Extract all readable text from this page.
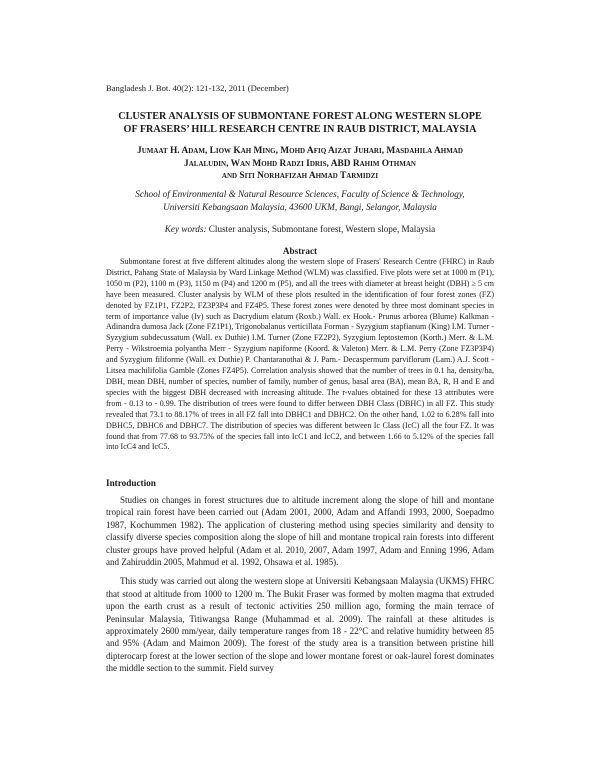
Bangladesh J. Bot. 40(2): 121-132, 2011 (December)
CLUSTER ANALYSIS OF SUBMONTANE FOREST ALONG WESTERN SLOPE
OF FRASERS’ HILL RESEARCH CENTRE IN RAUB DISTRICT, MALAYSIA
Jumaat H. Adam, Liow Kah Ming, Mohd Afiq Aizat Juhari, Masdahila Ahmad
Jalaludin, Wan Mohd Radzi Idris, ABD Rahim Othman
and Siti Norhafizah Ahmad Tarmidzi
School of Environmental & Natural Resource Sciences, Faculty of Science & Technology,
Universiti Kebangsaan Malaysia, 43600 UKM, Bangi, Selangor, Malaysia
Key words: Cluster analysis, Submontane forest, Western slope, Malaysia
Abstract

Submontane forest at five different altitudes along the western slope of Frasers' Research Centre (FHRC) in Raub District, Pahang State of Malaysia by Ward Linkage Method (WLM) was classified. Five plots were set at 1000 m (P1), 1050 m (P2), 1100 m (P3), 1150 m (P4) and 1200 m (P5), and all the trees with diameter at breast height (DBH) ≥ 5 cm have been measured. Cluster analysis by WLM of these plots resulted in the identification of four forest zones (FZ) denoted by FZ1P1, FZ2P2, FZ3P3P4 and FZ4P5. These forest zones were denoted by three most dominant species in term of importance value (Iv) such as Dacrydium elatum (Roxb.) Wall. ex Hook.- Prunus arborea (Blume) Kalkman - Adinandra dumosa Jack (Zone FZ1P1), Trigonobalanus verticillata Forman - Syzygium stapfianum (King) I.M. Turner - Syzygium subdecussatum (Wall. ex Duthie) I.M. Turner (Zone FZ2P2), Syzygium leptostemon (Korth.) Merr. & L.M. Perry - Wikstroemia polyantha Merr - Syzygium napiforme (Koord. & Valeton) Merr. & L.M. Perry (Zone FZ3P3P4) and Syzygium filiforme (Wall. ex Duthie) P. Chantaranothai & J. Parn.- Decaspermum parviflorum (Lam.) A.J. Scott - Litsea machilifolia Gamble (Zones FZ4P5). Correlation analysis showed that the number of trees in 0.1 ha, density/ha, DBH, mean DBH, number of species, number of family, number of genus, basal area (BA), mean BA, R, H and E and species with the biggest DBH decreased with increasing altitude. The r-values obtained for these 13 attributes were from - 0.13 to - 0.99. The distribution of trees were found to differ between DBH Class (DBHC) in all FZ. This study revealed that 73.1 to 88.17% of trees in all FZ fall into DBHC1 and DBHC2. On the other hand, 1.02 to 6.28% fall into DBHC5, DBHC6 and DBHC7. The distribution of species was different between Ic Class (IcC) all the four FZ. It was found that from 77.68 to 93.75% of the species fall into IcC1 and IcC2, and between 1.66 to 5.12% of the species fall into IcC4 and IcC5.

Introduction

Studies on changes in forest structures due to altitude increment along the slope of hill and montane tropical rain forest have been carried out (Adam 2001, 2000, Adam and Affandi 1993, 2000, Soepadmo 1987, Kochummen 1982). The application of clustering method using species similarity and density to classify diverse species composition along the slope of hill and montane tropical rain forests into different cluster groups have proved helpful (Adam et al. 2010, 2007, Adam 1997, Adam and Enning 1996, Adam and Zahiruddin 2005, Mahmud et al. 1992, Ohsawa et al. 1985).

This study was carried out along the western slope at Universiti Kebangsaan Malaysia (UKMS) FHRC that stood at altitude from 1000 to 1200 m. The Bukit Fraser was formed by molten magma that extruded upon the earth crust as a result of tectonic activities 250 million ago, forming the main terrace of Peninsular Malaysia, Titiwangsa Range (Muhammad et al. 2009). The rainfall at these altitudes is approximately 2600 mm/year, daily temperature ranges from 18 - 22°C and relative humidity between 85 and 95% (Adam and Maimon 2009). The forest of the study area is a transition between pristine hill dipterocarp forest at the lower section of the slope and lower montane forest or oak-laurel forest dominates the middle section to the summit. Field survey
